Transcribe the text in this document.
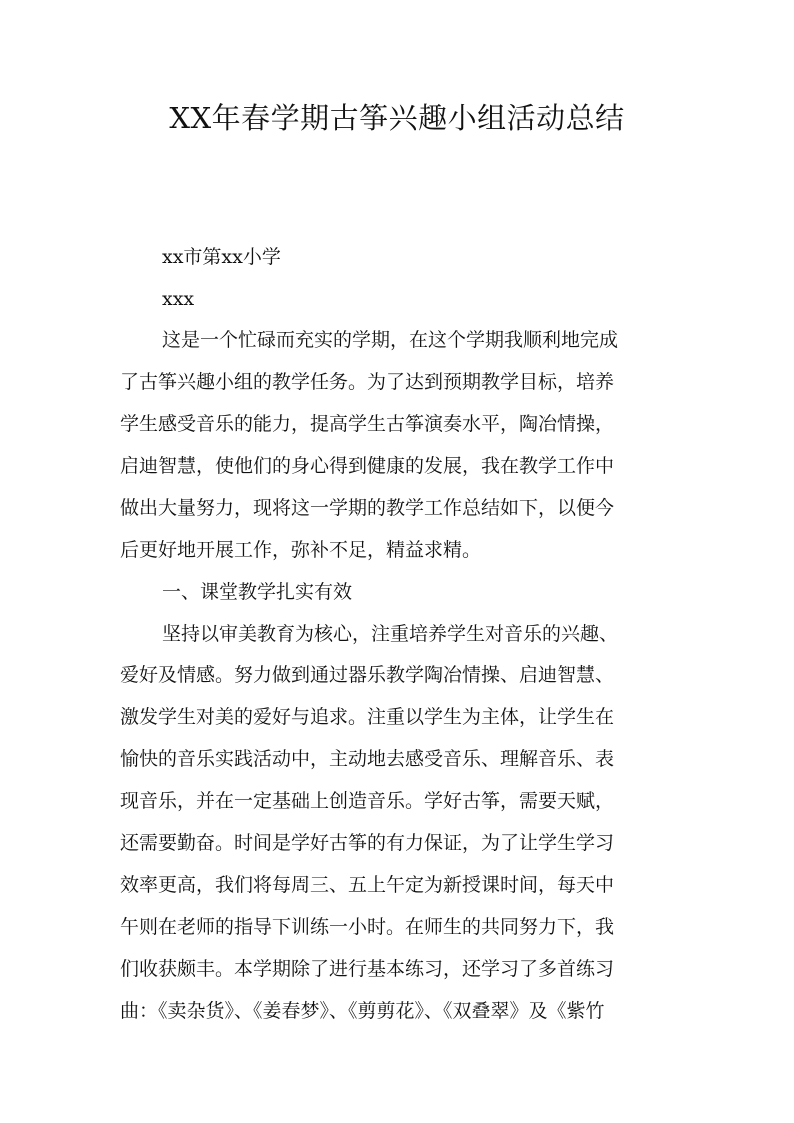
XX年春学期古筝兴趣小组活动总结

xx市第xx小学

xxx

这是一个忙碌而充实的学期，在这个学期我顺利地完成

了古筝兴趣小组的教学任务。为了达到预期教学目标，培养

学生感受音乐的能力，提高学生古筝演奏水平，陶冶情操，

启迪智慧，使他们的身心得到健康的发展，我在教学工作中

做出大量努力，现将这一学期的教学工作总结如下，以便今

后更好地开展工作，弥补不足，精益求精。

一、课堂教学扎实有效

坚持以审美教育为核心，注重培养学生对音乐的兴趣、

爱好及情感。努力做到通过器乐教学陶冶情操、启迪智慧、

激发学生对美的爱好与追求。注重以学生为主体，让学生在

愉快的音乐实践活动中，主动地去感受音乐、理解音乐、表

现音乐，并在一定基础上创造音乐。学好古筝，需要天赋，

还需要勤奋。时间是学好古筝的有力保证，为了让学生学习

效率更高，我们将每周三、五上午定为新授课时间，每天中

午则在老师的指导下训练一小时。在师生的共同努力下，我

们收获颇丰。本学期除了进行基本练习，还学习了多首练习

曲：《卖杂货》、《姜春梦》、《剪剪花》、《双叠翠》及《紫竹
